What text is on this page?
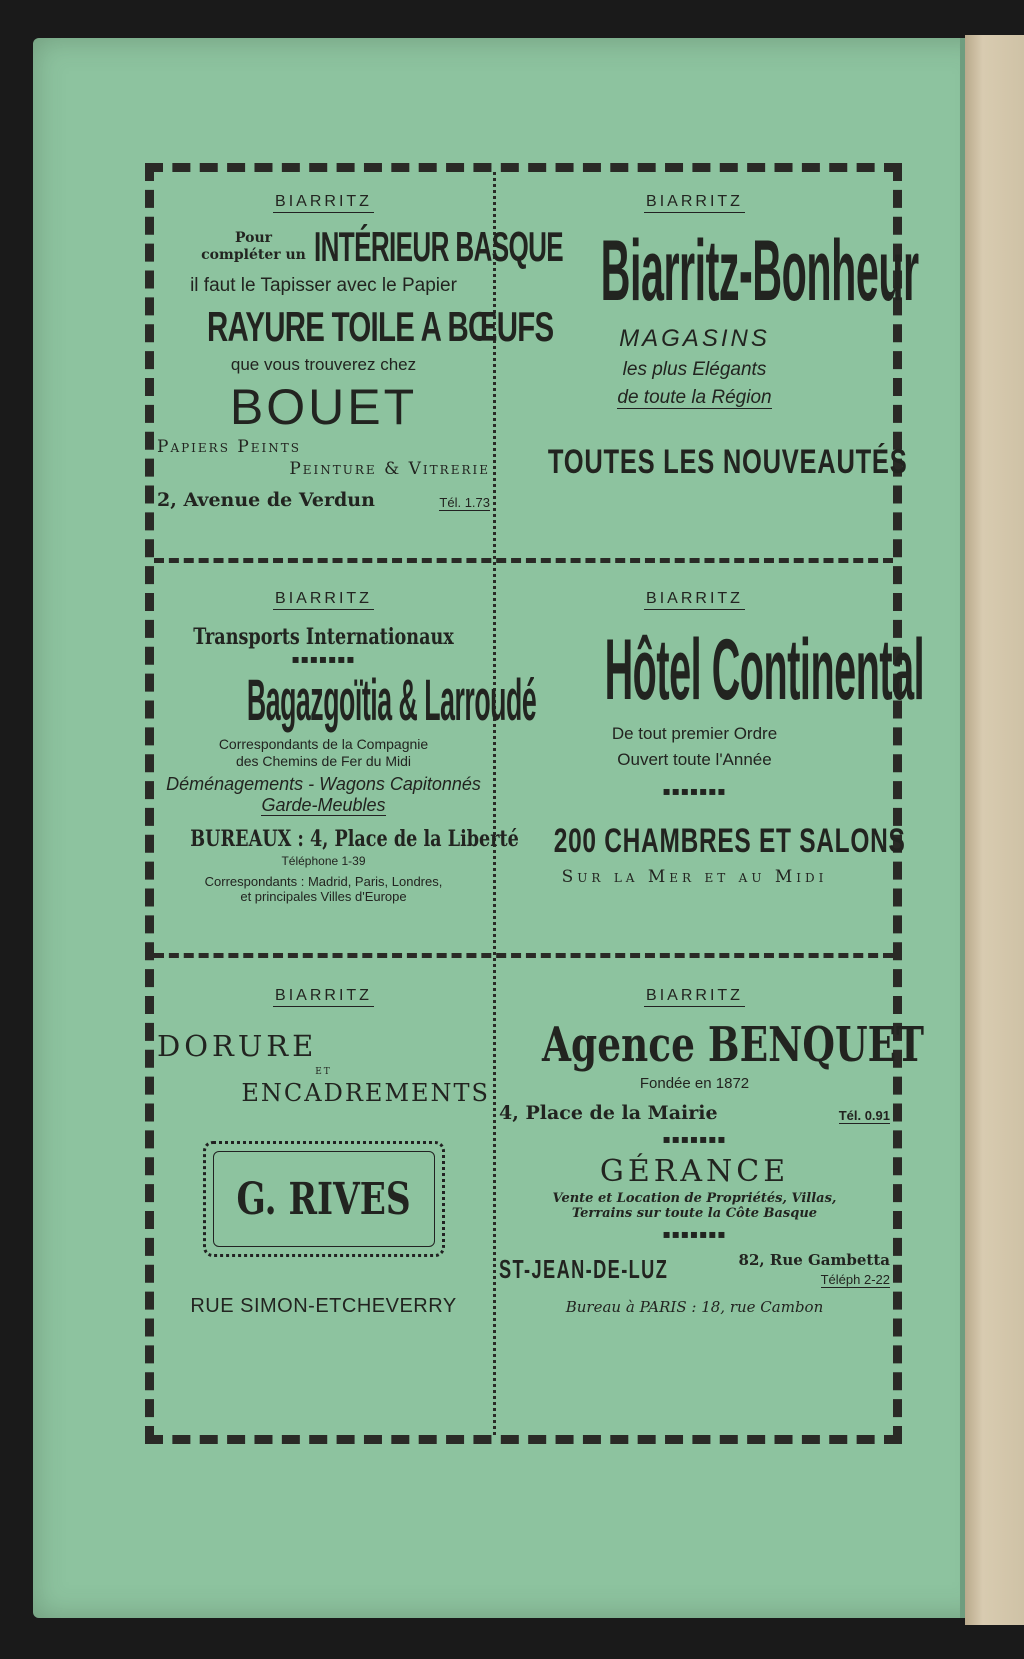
BIARRITZ
Pour
compléter un INTÉRIEUR BASQUE
il faut le Tapisser avec le Papier
RAYURE TOILE A BŒUFS
que vous trouverez chez
BOUET
Papiers Peints
Peinture & Vitrerie
2, Avenue de Verdun	Tél. 1.73
BIARRITZ
Biarritz-Bonheur
MAGASINS
les plus Elégants
de toute la Région
TOUTES LES NOUVEAUTÉS
BIARRITZ
Transports Internationaux
▪▪▪▪▪▪▪
Bagazgoïtia & Larroudé
Correspondants de la Compagnie
des Chemins de Fer du Midi
Déménagements - Wagons Capitonnés
Garde-Meubles
BUREAUX : 4, Place de la Liberté
Téléphone 1-39
Correspondants : Madrid, Paris, Londres,
et principales Villes d'Europe
BIARRITZ
Hôtel Continental
De tout premier Ordre
Ouvert toute l'Année
▪▪▪▪▪▪▪
200 CHAMBRES ET SALONS
Sur la Mer et au Midi
BIARRITZ
DORURE
ET
ENCADREMENTS
G. RIVES
RUE SIMON-ETCHEVERRY
BIARRITZ
Agence BENQUET
Fondée en 1872
4, Place de la Mairie	Tél. 0.91
▪▪▪▪▪▪▪
GÉRANCE
Vente et Location de Propriétés, Villas,
Terrains sur toute la Côte Basque
▪▪▪▪▪▪▪
ST-JEAN-DE-LUZ	82, Rue Gambetta
Téléph 2-22
Bureau à PARIS : 18, rue Cambon
